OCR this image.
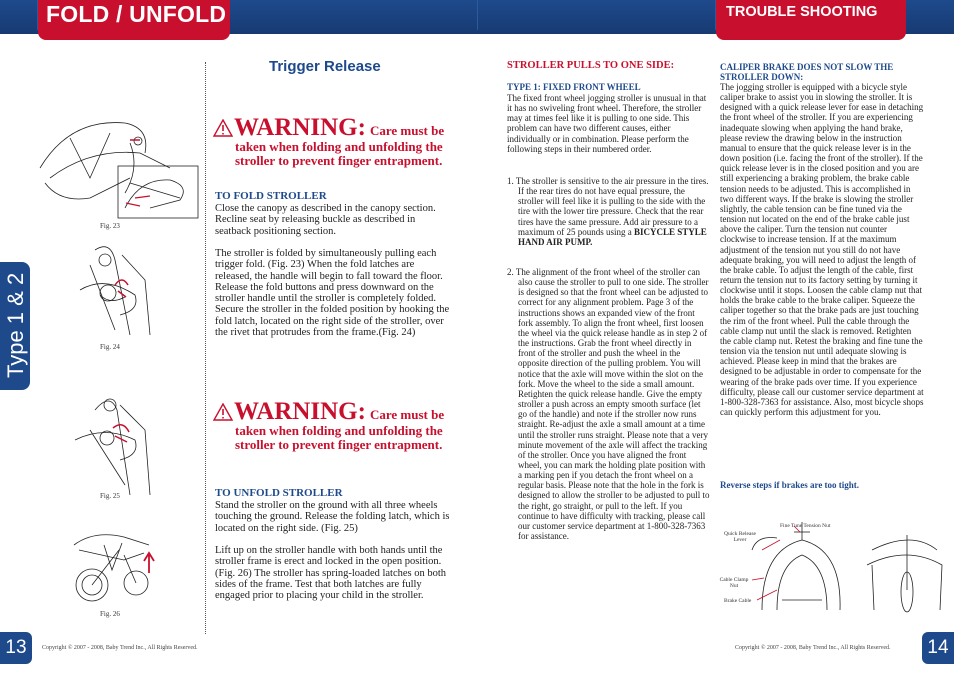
FOLD / UNFOLD	TROUBLE SHOOTING
Type 1 & 2
Fig. 23
Fig. 24
Fig. 25
Fig. 26
Trigger Release
WARNING: Care must be
taken when folding and unfolding the stroller to prevent finger entrapment.
TO FOLD STROLLER
Close the canopy as described in the canopy section. Recline seat by releasing buckle as described in seatback positioning section.
The stroller is folded by simultaneously pulling each trigger fold. (Fig. 23) When the fold latches are released, the handle will begin to fall toward the floor. Release the fold buttons and press downward on the stroller handle until the stroller is completely folded. Secure the stroller in the folded position by hooking the fold latch, located on the right side of the stroller, over the rivet that protrudes from the frame.(Fig. 24)
WARNING: Care must be
taken when folding and unfolding the stroller to prevent finger entrapment.
TO UNFOLD STROLLER
Stand the stroller on the ground with all three wheels touching the ground. Release the folding latch, which is located on the right side. (Fig. 25)
Lift up on the stroller handle with both hands until the stroller frame is erect and locked in the open position. (Fig. 26) The stroller has spring-loaded latches on both sides of the frame. Test that both latches are fully engaged prior to placing your child in the stroller.
STROLLER PULLS TO ONE SIDE:
TYPE 1: FIXED FRONT WHEEL
The fixed front wheel jogging stroller is unusual in that it has no swiveling front wheel. Therefore, the stroller may at times feel like it is pulling to one side. This problem can have two different causes, either individually or in combination. Please perform the following steps in their numbered order.
1. The stroller is sensitive to the air pressure in the tires. If the rear tires do not have equal pressure, the stroller will feel like it is pulling to the side with the tire with the lower tire pressure. Check that the rear tires have the same pressure. Add air pressure to a maximum of 25 pounds using a BICYCLE STYLE HAND AIR PUMP.
2. The alignment of the front wheel of the stroller can also cause the stroller to pull to one side. The stroller is designed so that the front wheel can be adjusted to correct for any alignment problem. Page 3 of the instructions shows an expanded view of the front fork assembly. To align the front wheel, first loosen the wheel via the quick release handle as in step 2 of the instructions. Grab the front wheel directly in front of the stroller and push the wheel in the opposite direction of the pulling problem. You will notice that the axle will move within the slot on the fork. Move the wheel to the side a small amount. Retighten the quick release handle. Give the empty stroller a push across an empty smooth surface (let go of the handle) and note if the stroller now runs straight. Re-adjust the axle a small amount at a time until the stroller runs straight. Please note that a very minute movement of the axle will affect the tracking of the stroller. Once you have aligned the front wheel, you can mark the holding plate position with a marking pen if you detach the front wheel on a regular basis. Please note that the hole in the fork is designed to allow the stroller to be adjusted to pull to the right, go straight, or pull to the left. If you continue to have difficulty with tracking, please call our customer service department at 1-800-328-7363 for assistance.
CALIPER BRAKE DOES NOT SLOW THE STROLLER DOWN:
The jogging stroller is equipped with a bicycle style caliper brake to assist you in slowing the stroller. It is designed with a quick release lever for ease in detaching the front wheel of the stroller. If you are experiencing inadequate slowing when applying the hand brake, please review the drawing below in the instruction manual to ensure that the quick release lever is in the down position (i.e. facing the front of the stroller). If the quick release lever is in the closed position and you are still experiencing a braking problem, the brake cable tension needs to be adjusted. This is accomplished in two different ways. If the brake is slowing the stroller slightly, the cable tension can be fine tuned via the tension nut located on the end of the brake cable just above the caliper. Turn the tension nut counter clockwise to increase tension. If at the maximum adjustment of the tension nut you still do not have adequate braking, you will need to adjust the length of the brake cable. To adjust the length of the cable, first return the tension nut to its factory setting by turning it clockwise until it stops. Loosen the cable clamp nut that holds the brake cable to the brake caliper. Squeeze the caliper together so that the brake pads are just touching the rim of the front wheel. Pull the cable through the cable clamp nut until the slack is removed. Retighten the cable clamp nut. Retest the braking and fine tune the tension via the tension nut until adequate slowing is achieved. Please keep in mind that the brakes are designed to be adjustable in order to compensate for the wearing of the brake pads over time. If you experience difficulty, please call our customer service department at 1-800-328-7363 for assistance. Also, most bicycle shops can quickly perform this adjustment for you.
Reverse steps if brakes are too tight.
Fine Tune Tension Nut
Quick Release Lever
Cable Clamp Nut
Brake Cable
13	14
Copyright © 2007 - 2008, Baby Trend Inc., All Rights Reserved.	Copyright © 2007 - 2008, Baby Trend Inc., All Rights Reserved.
